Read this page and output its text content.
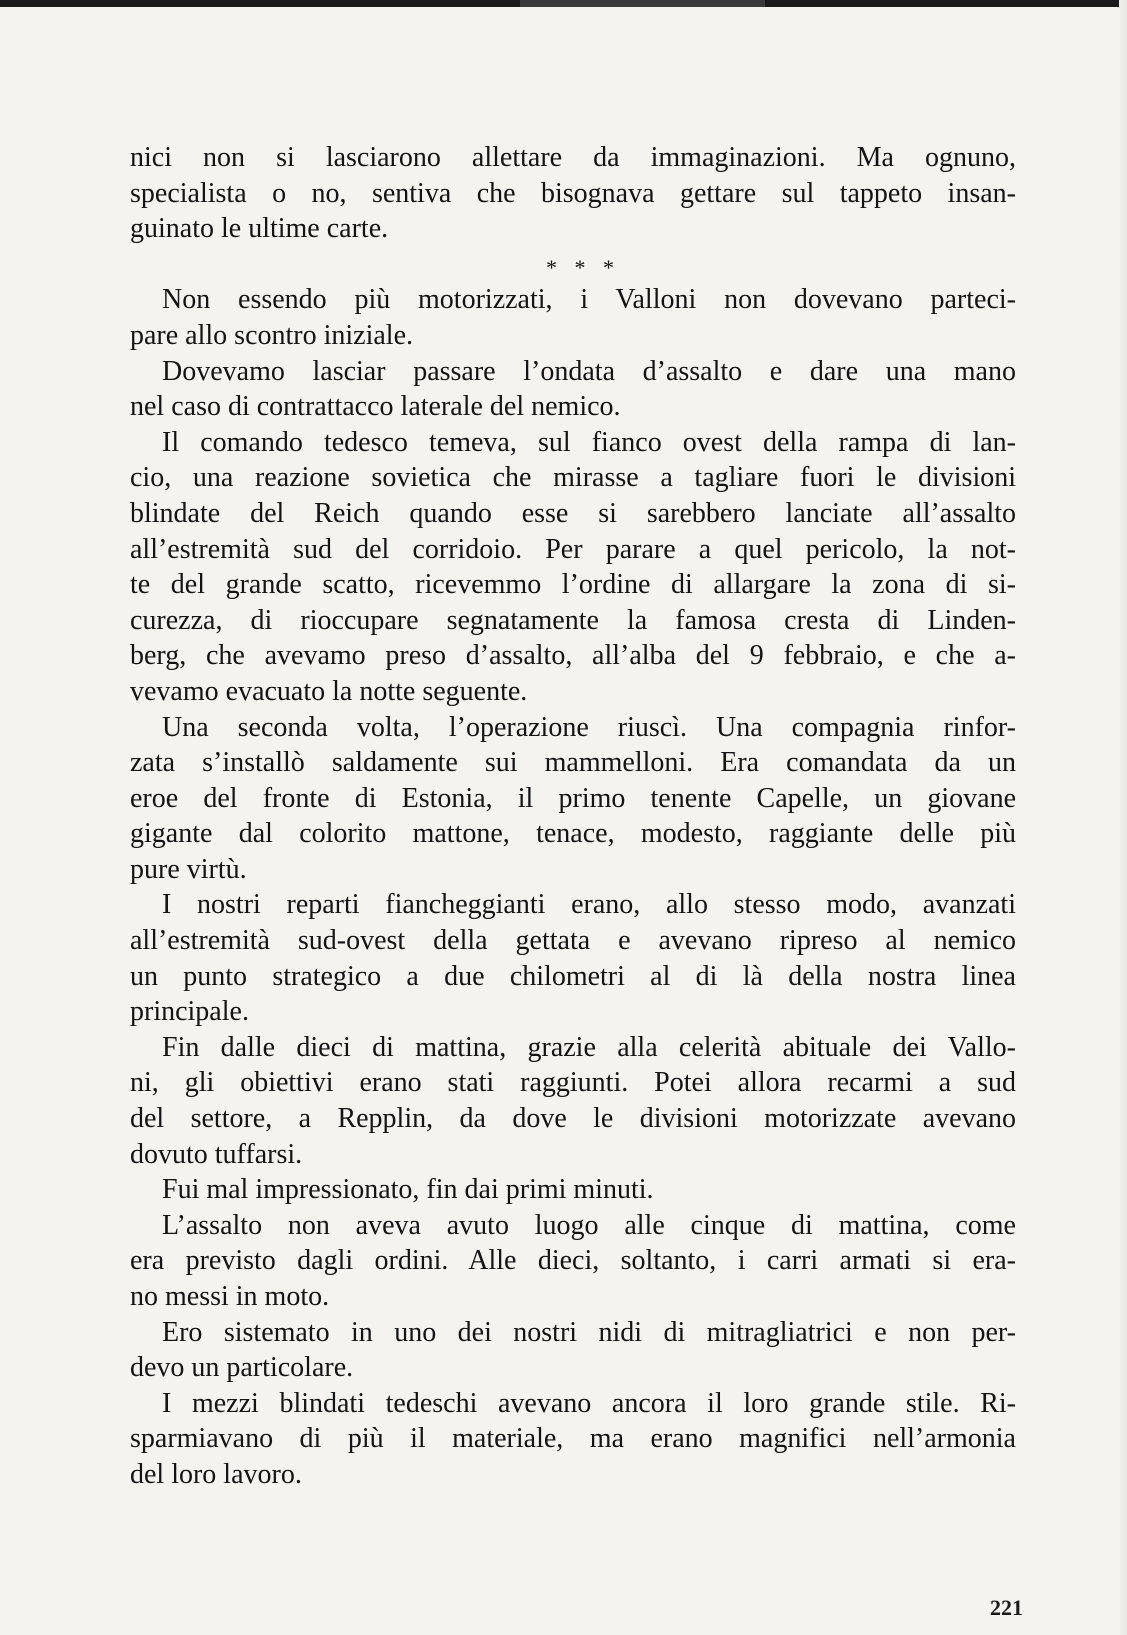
nici non si lasciarono allettare da immaginazioni. Ma ognuno,
specialista o no, sentiva che bisognava gettare sul tappeto insan-
guinato le ultime carte.
* * *
Non essendo più motorizzati, i Valloni non dovevano parteci-
pare allo scontro iniziale.
Dovevamo lasciar passare l’ondata d’assalto e dare una mano
nel caso di contrattacco laterale del nemico.
Il comando tedesco temeva, sul fianco ovest della rampa di lan-
cio, una reazione sovietica che mirasse a tagliare fuori le divisioni
blindate del Reich quando esse si sarebbero lanciate all’assalto
all’estremità sud del corridoio. Per parare a quel pericolo, la not-
te del grande scatto, ricevemmo l’ordine di allargare la zona di si-
curezza, di rioccupare segnatamente la famosa cresta di Linden-
berg, che avevamo preso d’assalto, all’alba del 9 febbraio, e che a-
vevamo evacuato la notte seguente.
Una seconda volta, l’operazione riuscì. Una compagnia rinfor-
zata s’installò saldamente sui mammelloni. Era comandata da un
eroe del fronte di Estonia, il primo tenente Capelle, un giovane
gigante dal colorito mattone, tenace, modesto, raggiante delle più
pure virtù.
I nostri reparti fiancheggianti erano, allo stesso modo, avanzati
all’estremità sud-ovest della gettata e avevano ripreso al nemico
un punto strategico a due chilometri al di là della nostra linea
principale.
Fin dalle dieci di mattina, grazie alla celerità abituale dei Vallo-
ni, gli obiettivi erano stati raggiunti. Potei allora recarmi a sud
del settore, a Repplin, da dove le divisioni motorizzate avevano
dovuto tuffarsi.
Fui mal impressionato, fin dai primi minuti.
L’assalto non aveva avuto luogo alle cinque di mattina, come
era previsto dagli ordini. Alle dieci, soltanto, i carri armati si era-
no messi in moto.
Ero sistemato in uno dei nostri nidi di mitragliatrici e non per-
devo un particolare.
I mezzi blindati tedeschi avevano ancora il loro grande stile. Ri-
sparmiavano di più il materiale, ma erano magnifici nell’armonia
del loro lavoro.
221
